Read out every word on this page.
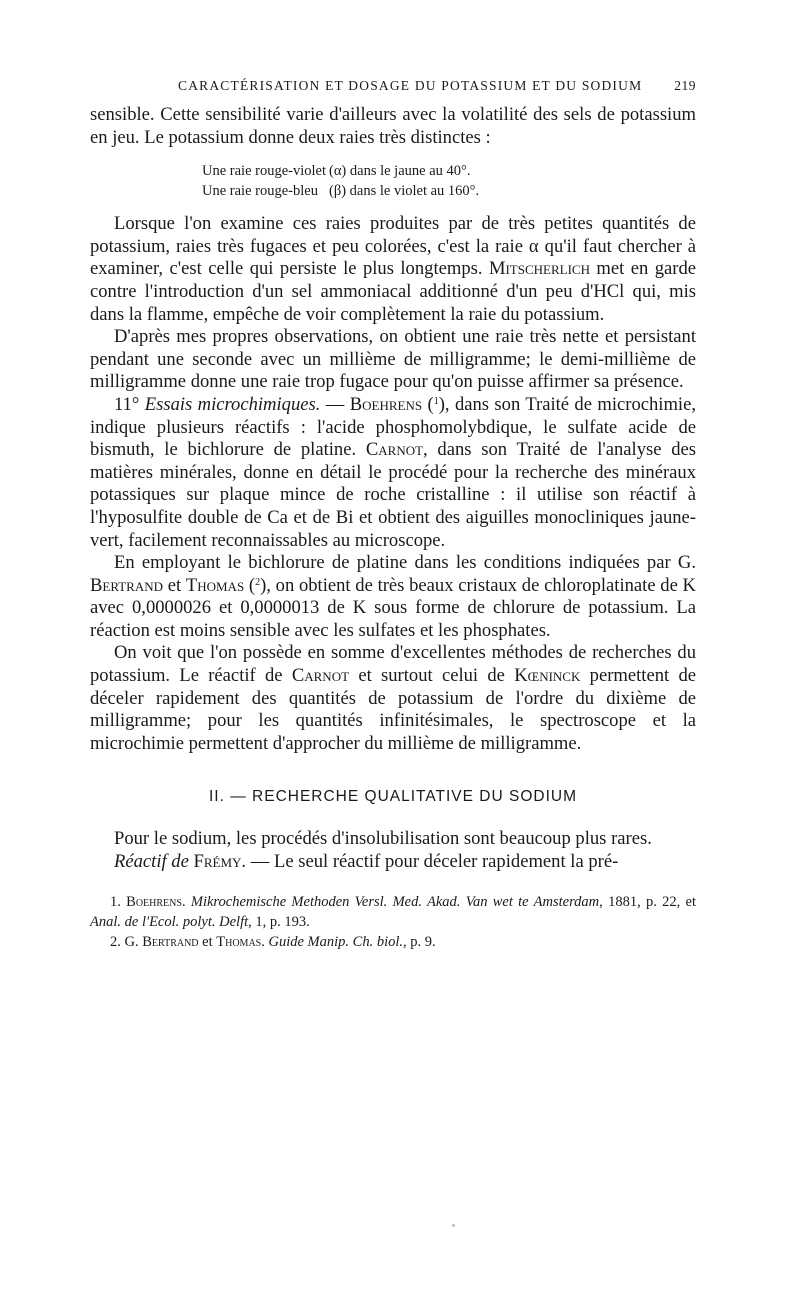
CARACTÉRISATION ET DOSAGE DU POTASSIUM ET DU SODIUM 219

sensible. Cette sensibilité varie d'ailleurs avec la volatilité des sels de potassium en jeu. Le potassium donne deux raies très distinctes :

Une raie rouge-violet (α) dans le jaune au 40°.
Une raie rouge-bleu (β) dans le violet au 160°.

Lorsque l'on examine ces raies produites par de très petites quantités de potassium, raies très fugaces et peu colorées, c'est la raie α qu'il faut chercher à examiner, c'est celle qui persiste le plus longtemps. Mitscherlich met en garde contre l'introduction d'un sel ammoniacal additionné d'un peu d'HCl qui, mis dans la flamme, empêche de voir complètement la raie du potassium.

D'après mes propres observations, on obtient une raie très nette et persistant pendant une seconde avec un millième de milligramme; le demi-millième de milligramme donne une raie trop fugace pour qu'on puisse affirmer sa présence.

11° Essais microchimiques. — Boehrens ($^1$), dans son Traité de microchimie, indique plusieurs réactifs : l'acide phosphomolybdique, le sulfate acide de bismuth, le bichlorure de platine. Carnot, dans son Traité de l'analyse des matières minérales, donne en détail le procédé pour la recherche des minéraux potassiques sur plaque mince de roche cristalline : il utilise son réactif à l'hyposulfite double de Ca et de Bi et obtient des aiguilles monocliniques jaune-vert, facilement reconnaissables au microscope.

En employant le bichlorure de platine dans les conditions indiquées par G. Bertrand et Thomas ($^2$), on obtient de très beaux cristaux de chloroplatinate de K avec 0,0000026 et 0,0000013 de K sous forme de chlorure de potassium. La réaction est moins sensible avec les sulfates et les phosphates.

On voit que l'on possède en somme d'excellentes méthodes de recherches du potassium. Le réactif de Carnot et surtout celui de Kœninck permettent de déceler rapidement des quantités de potassium de l'ordre du dixième de milligramme; pour les quantités infinitésimales, le spectroscope et la microchimie permettent d'approcher du millième de milligramme.

II. — RECHERCHE QUALITATIVE DU SODIUM

Pour le sodium, les procédés d'insolubilisation sont beaucoup plus rares.

Réactif de Frémy. — Le seul réactif pour déceler rapidement la pré-

1. Boehrens. Mikrochemische Methoden Versl. Med. Akad. Van wet te Amsterdam, 1881, p. 22, et Anal. de l'Ecol. polyt. Delft, 1, p. 193.
2. G. Bertrand et Thomas. Guide Manip. Ch. biol., p. 9.
